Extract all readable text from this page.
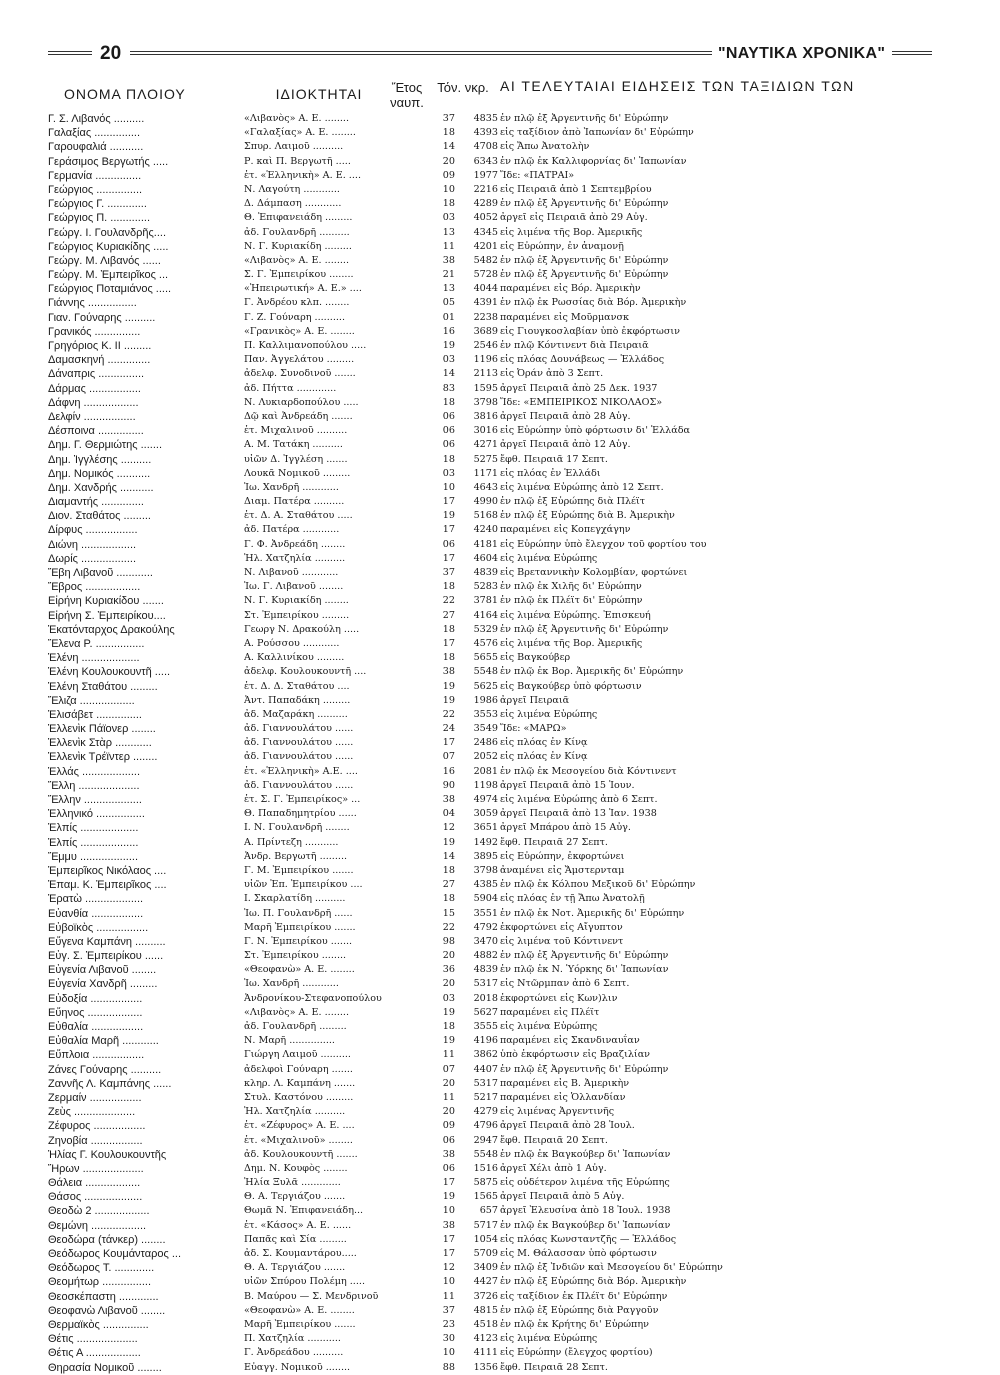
20	"ΝΑΥΤΙΚΑ ΧΡΟΝΙΚΑ"
ΟΝΟΜΑ ΠΛΟΙΟΥ	ΙΔΙΟΚΤΗΤΑΙ	Ἔτος ναυπ.
Τόν. νκρ. ΑΙ ΤΕΛΕΥΤΑΙΑΙ ΕΙΔΗΣΕΙΣ ΤΩΝ ΤΑΞΙΔΙΩΝ ΤΩΝ
Γ. Σ. Λιβανός ..........	«Λιβανὸς» Α. Ε. ........	37	4835 ἐν πλῷ ἐξ Ἀργεντινῆς δι' Εὐρώπην
Γαλαξίας ...............	«Γαλαξίας» Α. Ε. ........	18	4393 εἰς ταξίδιον ἀπὸ Ἰαπωνίαν δι' Εὐρώπην
Γαρουφαλιά ...........	Σπυρ. Λαιμοῦ ..........	14	4708 εἰς Ἄπω Ἀνατολὴν
Γεράσιμος Βεργωτής .....	Ρ. καὶ Π. Βεργωτῆ .....	20	6343 ἐν πλῷ ἐκ Καλλιφορνίας δι' Ἰαπωνίαν
Γερμανία ...............	ἑτ. «Ἑλληνικὴ» Α. Ε. ....	09	1977 Ἴδε: «ΠΑΤΡΑΙ»
Γεώργιος ...............	Ν. Λαγούτη ............	10	2216 εἰς Πειραιᾶ ἀπὸ 1 Σεπτεμβρίου
Γεώργιος Γ. .............	Δ. Δάμπαση ............	18	4289 ἐν πλῷ ἐξ Ἀργεντινῆς δι' Εὐρώπην
Γεώργιος Π. .............	Θ. Ἐπιφανειάδη .........	03	4052 ἀργεῖ εἰς Πειραιᾶ ἀπὸ 29 Αὐγ.
Γεώργ. Ι. Γουλανδρῆς....	ἀδ. Γουλανδρῆ ..........	13	4345 εἰς λιμένα τῆς Βορ. Ἀμερικῆς
Γεώργιος Κυριακίδης .....	Ν. Γ. Κυριακίδη .........	11	4201 εἰς Εὐρώπην, ἐν ἀναμονῇ
Γεώργ. Μ. Λιβανός ......	«Λιβανὸς» Α. Ε. ........	38	5482 ἐν πλῷ ἐξ Ἀργεντινῆς δι' Εὐρώπην
Γεώργ. Μ. Ἐμπειρῖκος ...	Σ. Γ. Ἐμπειρίκου ........	21	5728 ἐν πλῷ ἐξ Ἀργεντινῆς δι' Εὐρώπην
Γεώργιος Ποταμιάνος .....	«Ἠπειρωτική» Α. Ε.» ....	13	4044 παραμένει εἰς Βόρ. Ἀμερικὴν
Γιάννης ................	Γ. Ἀνδρέου κλπ. ........	05	4391 ἐν πλῷ ἐκ Ρωσσίας διὰ Βόρ. Ἀμερικὴν
Γιαν. Γούναρης ..........	Γ. Ζ. Γούναρη ..........	01	2238 παραμένει εἰς Μοῦρμανσκ
Γρανικός ...............	«Γρανικὸς» Α. Ε. ........	16	3689 εἰς Γιουγκοσλαβίαν ὑπὸ ἐκφόρτωσιν
Γρηγόριος Κ. ΙΙ .........	Π. Καλλιμανοπούλου .....	19	2546 ἐν πλῷ Κόντινεντ διὰ Πειραιᾶ
Δαμασκηνή ..............	Παν. Ἀγγελάτου .........	03	1196 εἰς πλόας Δουνάβεως — Ἑλλάδος
Δάναπρις ...............	ἀδελφ. Συνοδινοῦ .......	14	2113 εἰς Ὀράν ἀπὸ 3 Σεπτ.
Δάρμας .................	ἀδ. Πήττα .............	83	1595 ἀργεῖ Πειραιᾶ ἀπὸ 25 Δεκ. 1937
Δάφνη ..................	Ν. Λυκιαρδοπούλου .....	18	3798 Ἴδε: «ΕΜΠΕΙΡΙΚΟΣ ΝΙΚΟΛΑΟΣ»
Δελφίν .................	Δῷ καὶ Ἀνδρεάδη .......	06	3816 ἀργεῖ Πειραιᾶ ἀπὸ 28 Αὐγ.
Δέσποινα ...............	ἑτ. Μιχαλινοῦ ..........	06	3016 εἰς Εὐρώπην ὑπὸ φόρτωσιν δι' Ἑλλάδα
Δημ. Γ. Θερμιώτης .......	Α. Μ. Τατάκη ..........	06	4271 ἀργεῖ Πειραιᾶ ἀπὸ 12 Αὐγ.
Δημ. Ἰγγλέσης ..........	υἱῶν Δ. Ἰγγλέση .......	18	5275 ἔφθ. Πειραιᾶ 17 Σεπτ.
Δημ. Νομικός ...........	Λουκᾶ Νομικοῦ .........	03	1171 εἰς πλόας ἐν Ἑλλάδι
Δημ. Χανδρής ...........	Ἰω. Χανδρῆ ............	10	4643 εἰς λιμένα Εὐρώπης ἀπὸ 12 Σεπτ.
Διαμαντής ..............	Διαμ. Πατέρα ..........	17	4990 ἐν πλῷ ἐξ Εὐρώπης διὰ Πλέϊτ
Διον. Σταθάτος .........	ἑτ. Δ. Α. Σταθάτου .....	19	5168 ἐν πλῷ ἐξ Εὐρώπης διὰ Β. Ἀμερικὴν
Δίρφυς .................	ἀδ. Πατέρα ............	17	4240 παραμένει εἰς Κοπεγχάγην
Διώνη ..................	Γ. Φ. Ἀνδρεάδη ........	06	4181 εἰς Εὐρώπην ὑπὸ ἔλεγχον τοῦ φορτίου του
Δωρίς ..................	Ἠλ. Χατζηλία ..........	17	4604 εἰς λιμένα Εὐρώπης
Ἔβη Λιβανοῦ ............	Ν. Λιβανοῦ ............	37	4839 εἰς Βρεταννικὴν Κολομβίαν, φορτώνει
Ἔβρος ..................	Ἰω. Γ. Λιβανοῦ ........	18	5283 ἐν πλῷ ἐκ Χιλῆς δι' Εὐρώπην
Εἰρήνη Κυριακίδου .......	Ν. Γ. Κυριακίδη ........	22	3781 ἐν πλῷ ἐκ Πλέϊτ δι' Εὐρώπην
Εἰρήνη Σ. Ἐμπειρίκου....	Στ. Ἐμπειρίκου .........	27	4164 εἰς λιμένα Εὐρώπης. Ἐπισκευή
Ἑκατόνταρχος Δρακούλης	Γεωργ Ν. Δρακούλη .....	18	5329 ἐν πλῷ ἐξ Ἀργεντινῆς δι' Εὐρώπην
Ἕλενα Ρ. ................	Α. Ρούσσου ............	17	4576 εἰς λιμένα τῆς Βορ. Ἀμερικῆς
Ἑλένη ...................	Α. Καλλινίκου .........	18	5655 εἰς Βαγκούβερ
Ἑλένη Κουλουκουντῆ .....	ἀδελφ. Κουλουκουντῆ ....	38	5548 ἐν πλῷ ἐκ Βορ. Ἀμερικῆς δι' Εὐρώπην
Ἑλένη Σταθάτου .........	ἑτ. Δ. Δ. Σταθάτου ....	19	5625 εἰς Βαγκούβερ ὑπὸ φόρτωσιν
Ἔλιζα ..................	Ἀντ. Παπαδάκη .........	19	1986 ἀργεῖ Πειραιᾶ
Ἐλισάβετ ...............	ἀδ. Μαζαράκη ..........	22	3553 εἰς λιμένα Εὐρώπης
Ἑλλενὶκ Πάϊονερ ........	ἀδ. Γιαννουλάτου ......	24	3549 Ἴδε: «ΜΑΡΩ»
Ἑλλενὶκ Στὰρ ............	ἀδ. Γιαννουλάτου ......	17	2486 εἰς πλόας ἐν Κίνᾳ
Ἑλλενὶκ Τρέϊντερ ........	ἀδ. Γιαννουλάτου ......	07	2052 εἰς πλόας ἐν Κίνᾳ
Ἑλλάς ...................	ἑτ. «Ἑλληνικὴ» Α.Ε. ....	16	2081 ἐν πλῷ ἐκ Μεσογείου διὰ Κόντινεντ
Ἕλλη ....................	ἀδ. Γιαννουλάτου ......	90	1198 ἀργεῖ Πειραιᾶ ἀπὸ 15 Ἰουν.
Ἕλλην ...................	ἑτ. Σ. Γ. Ἐμπειρίκος» ...	38	4974 εἰς λιμένα Εὐρώπης ἀπὸ 6 Σεπτ.
Ἑλληνικό ................	Θ. Παπαδημητρίου ......	04	3059 ἀργεῖ Πειραιᾶ ἀπὸ 13 Ἰαν. 1938
Ἐλπίς ...................	Ι. Ν. Γουλανδρῆ ........	12	3651 ἀργεῖ Μπάρου ἀπὸ 15 Αὐγ.
Ἐλπίς ...................	Α. Πρίντεζη ...........	19	1492 ἔφθ. Πειραιᾶ 27 Σεπτ.
Ἔμμυ ...................	Ἀνδρ. Βεργωτῆ .........	14	3895 εἰς Εὐρώπην, ἐκφορτώνει
Ἐμπειρῖκος Νικόλαος ....	Γ. Μ. Ἐμπειρίκου .......	18	3798 ἀναμένει εἰς Ἄμστερνταμ
Ἐπαμ. Κ. Ἐμπειρῖκος ....	υἱῶν Ἐπ. Ἐμπειρίκου ....	27	4385 ἐν πλῷ ἐκ Κόλπου Μεξικοῦ δι' Εὐρώπην
Ἐρατὼ ...................	Ι. Σκαρλατίδη ..........	18	5904 εἰς πλόας ἐν τῇ Ἄπω Ἀνατολῇ
Εὐανθία .................	Ἰω. Π. Γουλανδρῆ ......	15	3551 ἐν πλῷ ἐκ Νοτ. Ἀμερικῆς δι' Εὐρώπην
Εὐβοϊκὸς .................	Μαρῆ Ἐμπειρίκου .......	22	4792 ἐκφορτώνει εἰς Αἴγυπτον
Εὔγενα Καμπάνη ..........	Γ. Ν. Ἐμπειρίκου .......	98	3470 εἰς λιμένα τοῦ Κόντινεντ
Εὐγ. Σ. Ἐμπειρίκου ......	Στ. Ἐμπειρίκου ........	20	4882 ἐν πλῷ ἐξ Ἀργεντινῆς δι' Εὐρώπην
Εὐγενία Λιβανοῦ ........	«Θεοφανὼ» Α. Ε. ........	36	4839 ἐν πλῷ ἐκ Ν. Ὑόρκης δι' Ἰαπωνίαν
Εὐγενία Χανδρῆ .........	Ἰω. Χανδρῆ ............	20	5317 εἰς Ντῶρμπαν ἀπὸ 6 Σεπτ.
Εὐδοξία .................	Ἀνδρονίκου-Στεφανοπούλου	03	2018 ἐκφορτώνει εἰς Κων)λιν
Εὔηνος ..................	«Λιβανὸς» Α. Ε. ........	19	5627 παραμένει εἰς Πλέϊτ
Εὐθαλία .................	ἀδ. Γουλανδρῆ .........	18	3555 εἰς λιμένα Εὐρώπης
Εὐθαλία Μαρῆ ............	Ν. Μαρῆ ...............	19	4196 παραμένει εἰς Σκανδιναυΐαν
Εὔπλοια .................	Γιώργη Λαιμοῦ ..........	11	3862 ὑπὸ ἐκφόρτωσιν εἰς Βραζιλίαν
Ζάνες Γούναρης ..........	ἀδελφοὶ Γούναρη .......	07	4407 ἐν πλῷ ἐξ Ἀργεντινῆς δι' Εὐρώπην
Ζαννῆς Λ. Καμπάνης ......	κληρ. Λ. Καμπάνη .......	20	5317 παραμένει εἰς Β. Ἀμερικὴν
Ζερμαίν .................	Στυλ. Καστόνου .........	11	5217 παραμένει εἰς Ὁλλανδίαν
Ζεὺς ....................	Ἠλ. Χατζηλία ..........	20	4279 εἰς λιμένας Ἀργεντινῆς
Ζέφυρος .................	ἑτ. «Ζέφυρος» Α. Ε. ....	09	4796 ἀργεῖ Πειραιᾶ ἀπὸ 28 Ἰουλ.
Ζηνοβία .................	ἑτ. «Μιχαλινοῦ» ........	06	2947 ἔφθ. Πειραιᾶ 20 Σεπτ.
Ἠλίας Γ. Κουλουκουντῆς	ἀδ. Κουλουκουντῆ .......	38	5548 ἐν πλῷ ἐκ Βαγκούβερ δι' Ἰαπωνίαν
Ἥρων ....................	Δημ. Ν. Κουφὸς ........	06	1516 ἀργεῖ Χέλι ἀπὸ 1 Αὐγ.
Θάλεια ..................	Ἠλία Ξυλᾶ .............	17	5875 εἰς οὐδέτερον λιμένα τῆς Εὐρώπης
Θάσος ...................	Θ. Α. Τεργιάζου .......	19	1565 ἀργεῖ Πειραιᾶ ἀπὸ 5 Αὐγ.
Θεοδὼ 2 ..................	Θωμᾶ Ν. Ἐπιφανειάδη...	10	657 ἀργεῖ Ἐλευσίνα ἀπὸ 18 Ἰουλ. 1938
Θεμώνη ..................	ἑτ. «Κάσος» Α. Ε. ......	38	5717 ἐν πλῷ ἐκ Βαγκούβερ δι' Ἰαπωνίαν
Θεοδώρα (τάνκερ) ........	Παπᾶς καὶ Σία .........	17	1054 εἰς πλόας Κωνσταντζῆς — Ἑλλάδος
Θεόδωρος Κουμάνταρος ...	ἀδ. Σ. Κουμαντάρου.....	17	5709 εἰς Μ. Θάλασσαν ὑπὸ φόρτωσιν
Θεόδωρος Τ. .............	Θ. Α. Τεργιάζου .......	12	3409 ἐν πλῷ ἐξ Ἰνδιῶν καὶ Μεσογείου δι' Εὐρώπην
Θεομήτωρ ................	υἱῶν Σπύρου Πολέμη .....	10	4427 ἐν πλῷ ἐξ Εὐρώπης διὰ Βόρ. Ἀμερικὴν
Θεοσκέπαστη .............	Β. Μαύρου — Σ. Μενδρινοῦ	11	3726 εἰς ταξίδιον ἐκ Πλέϊτ δι' Εὐρώπην
Θεοφανὼ Λιβανοῦ ........	«Θεοφανὼ» Α. Ε. ........	37	4815 ἐν πλῷ ἐξ Εὐρώπης διὰ Ραγγοῦν
Θερμαϊκὸς ...............	Μαρῆ Ἐμπειρίκου .......	23	4518 ἐν πλῷ ἐκ Κρήτης δι' Εὐρώπην
Θέτις ....................	Π. Χατζηλία ...........	30	4123 εἰς λιμένα Εὐρώπης
Θέτις Α ..................	Γ. Ἀνδρεάδου ..........	10	4111 εἰς Εὐρώπην (ἔλεγχος φορτίου)
Θηρασία Νομικοῦ ........	Εὐαγγ. Νομικοῦ ........	88	1356 ἔφθ. Πειραιᾶ 28 Σεπτ.
